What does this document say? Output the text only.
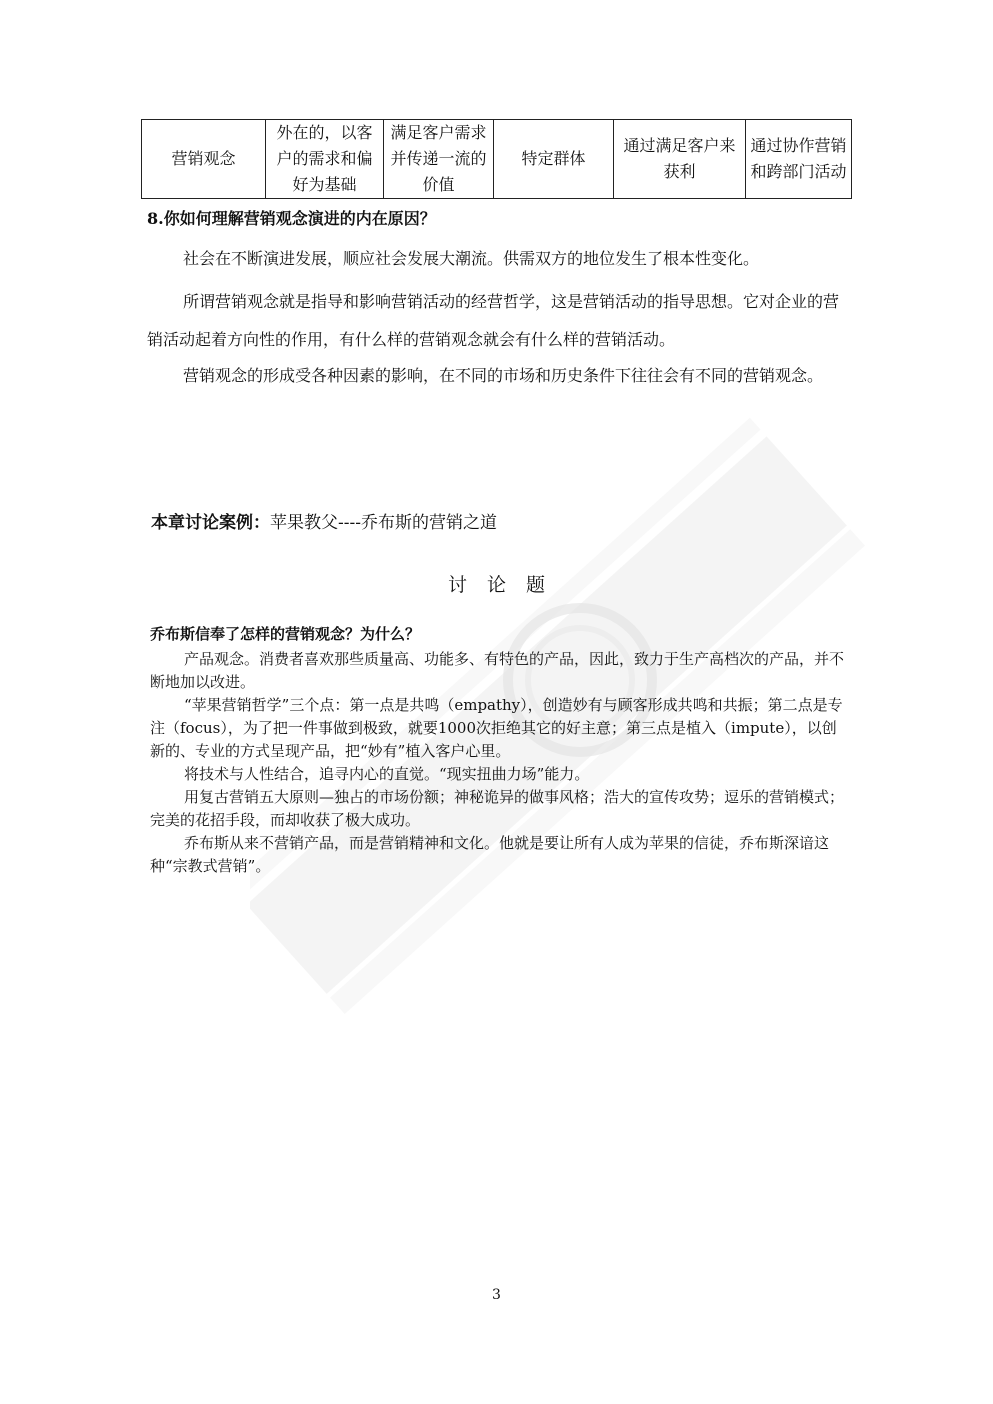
营销观念	外在的，以客户的需求和偏好为基础	满足客户需求并传递一流的价值	特定群体	通过满足客户来获利	通过协作营销和跨部门活动

8.你如何理解营销观念演进的内在原因？

社会在不断演进发展，顺应社会发展大潮流。供需双方的地位发生了根本性变化。

所谓营销观念就是指导和影响营销活动的经营哲学，这是营销活动的指导思想。它对企业的营销活动起着方向性的作用，有什么样的营销观念就会有什么样的营销活动。

营销观念的形成受各种因素的影响，在不同的市场和历史条件下往往会有不同的营销观念。

本章讨论案例：苹果教父----乔布斯的营销之道

讨论题

乔布斯信奉了怎样的营销观念？为什么？

产品观念。消费者喜欢那些质量高、功能多、有特色的产品，因此，致力于生产高档次的产品，并不断地加以改进。

“苹果营销哲学”三个点：第一点是共鸣（empathy），创造妙有与顾客形成共鸣和共振；第二点是专注（focus），为了把一件事做到极致，就要1000次拒绝其它的好主意；第三点是植入（impute），以创新的、专业的方式呈现产品，把“妙有”植入客户心里。

将技术与人性结合，追寻内心的直觉。“现实扭曲力场”能力。

用复古营销五大原则—独占的市场份额；神秘诡异的做事风格；浩大的宣传攻势；逗乐的营销模式；完美的花招手段，而却收获了极大成功。

乔布斯从来不营销产品，而是营销精神和文化。他就是要让所有人成为苹果的信徒，乔布斯深谙这种“宗教式营销”。

3
